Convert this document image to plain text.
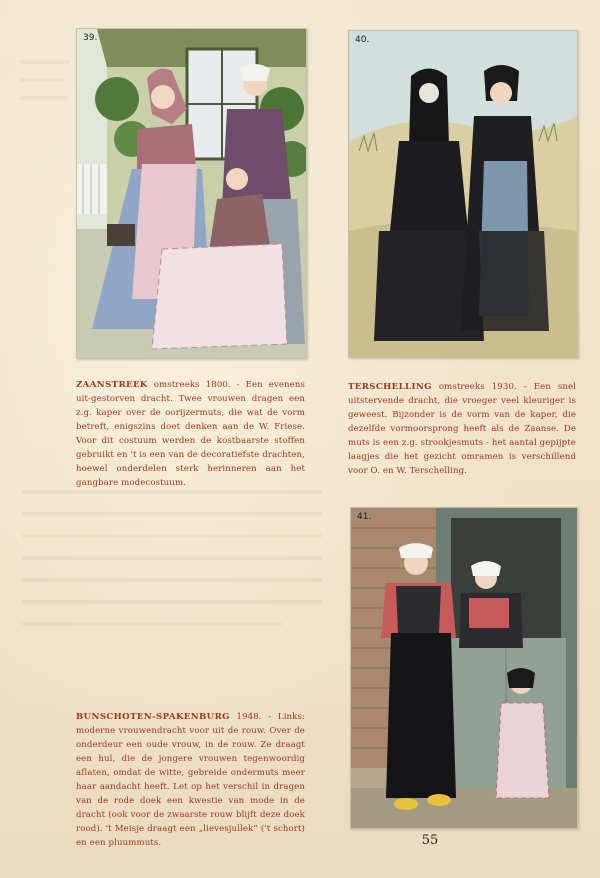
39.	40.
41.
ZAANSTREEK omstreeks 1800. - Een evenens uit-gestorven dracht. Twee vrouwen dragen een z.g. kaper over de oorijzermuts, die wat de vorm betreft, enigszins doet denken aan de W. Friese. Voor dit costuum werden de kostbaarste stoffen gebruikt en 't is een van de decoratiefste drachten, hoewel onderdelen sterk herinneren aan het gangbare modecostuum.
TERSCHELLING omstreeks 1930. - Een snel uitstervende dracht, die vroeger veel kleuriger is geweest. Bijzonder is de vorm van de kaper, die dezelfde vormoorsprong heeft als de Zaanse. De muts is een z.g. strookjesmuts - het aantal gepijpte laagjes die het gezicht omramen is verschillend voor O. en W. Terschelling.
BUNSCHOTEN-SPAKENBURG 1948. - Links: moderne vrouwendracht voor uit de rouw. Over de onderdeur een oude vrouw, in de rouw. Ze draagt een hul, die de jongere vrouwen tegenwoordig aflaten, omdat de witte, gebreide ondermuts meer haar aandacht heeft. Let op het verschil in dragen van de rode doek een kwestie van mode in de dracht (ook voor de zwaarste rouw blijft deze doek rood). 't Meisje draagt een „lievesjullek” ('t schort) en een pluummuts.	55
